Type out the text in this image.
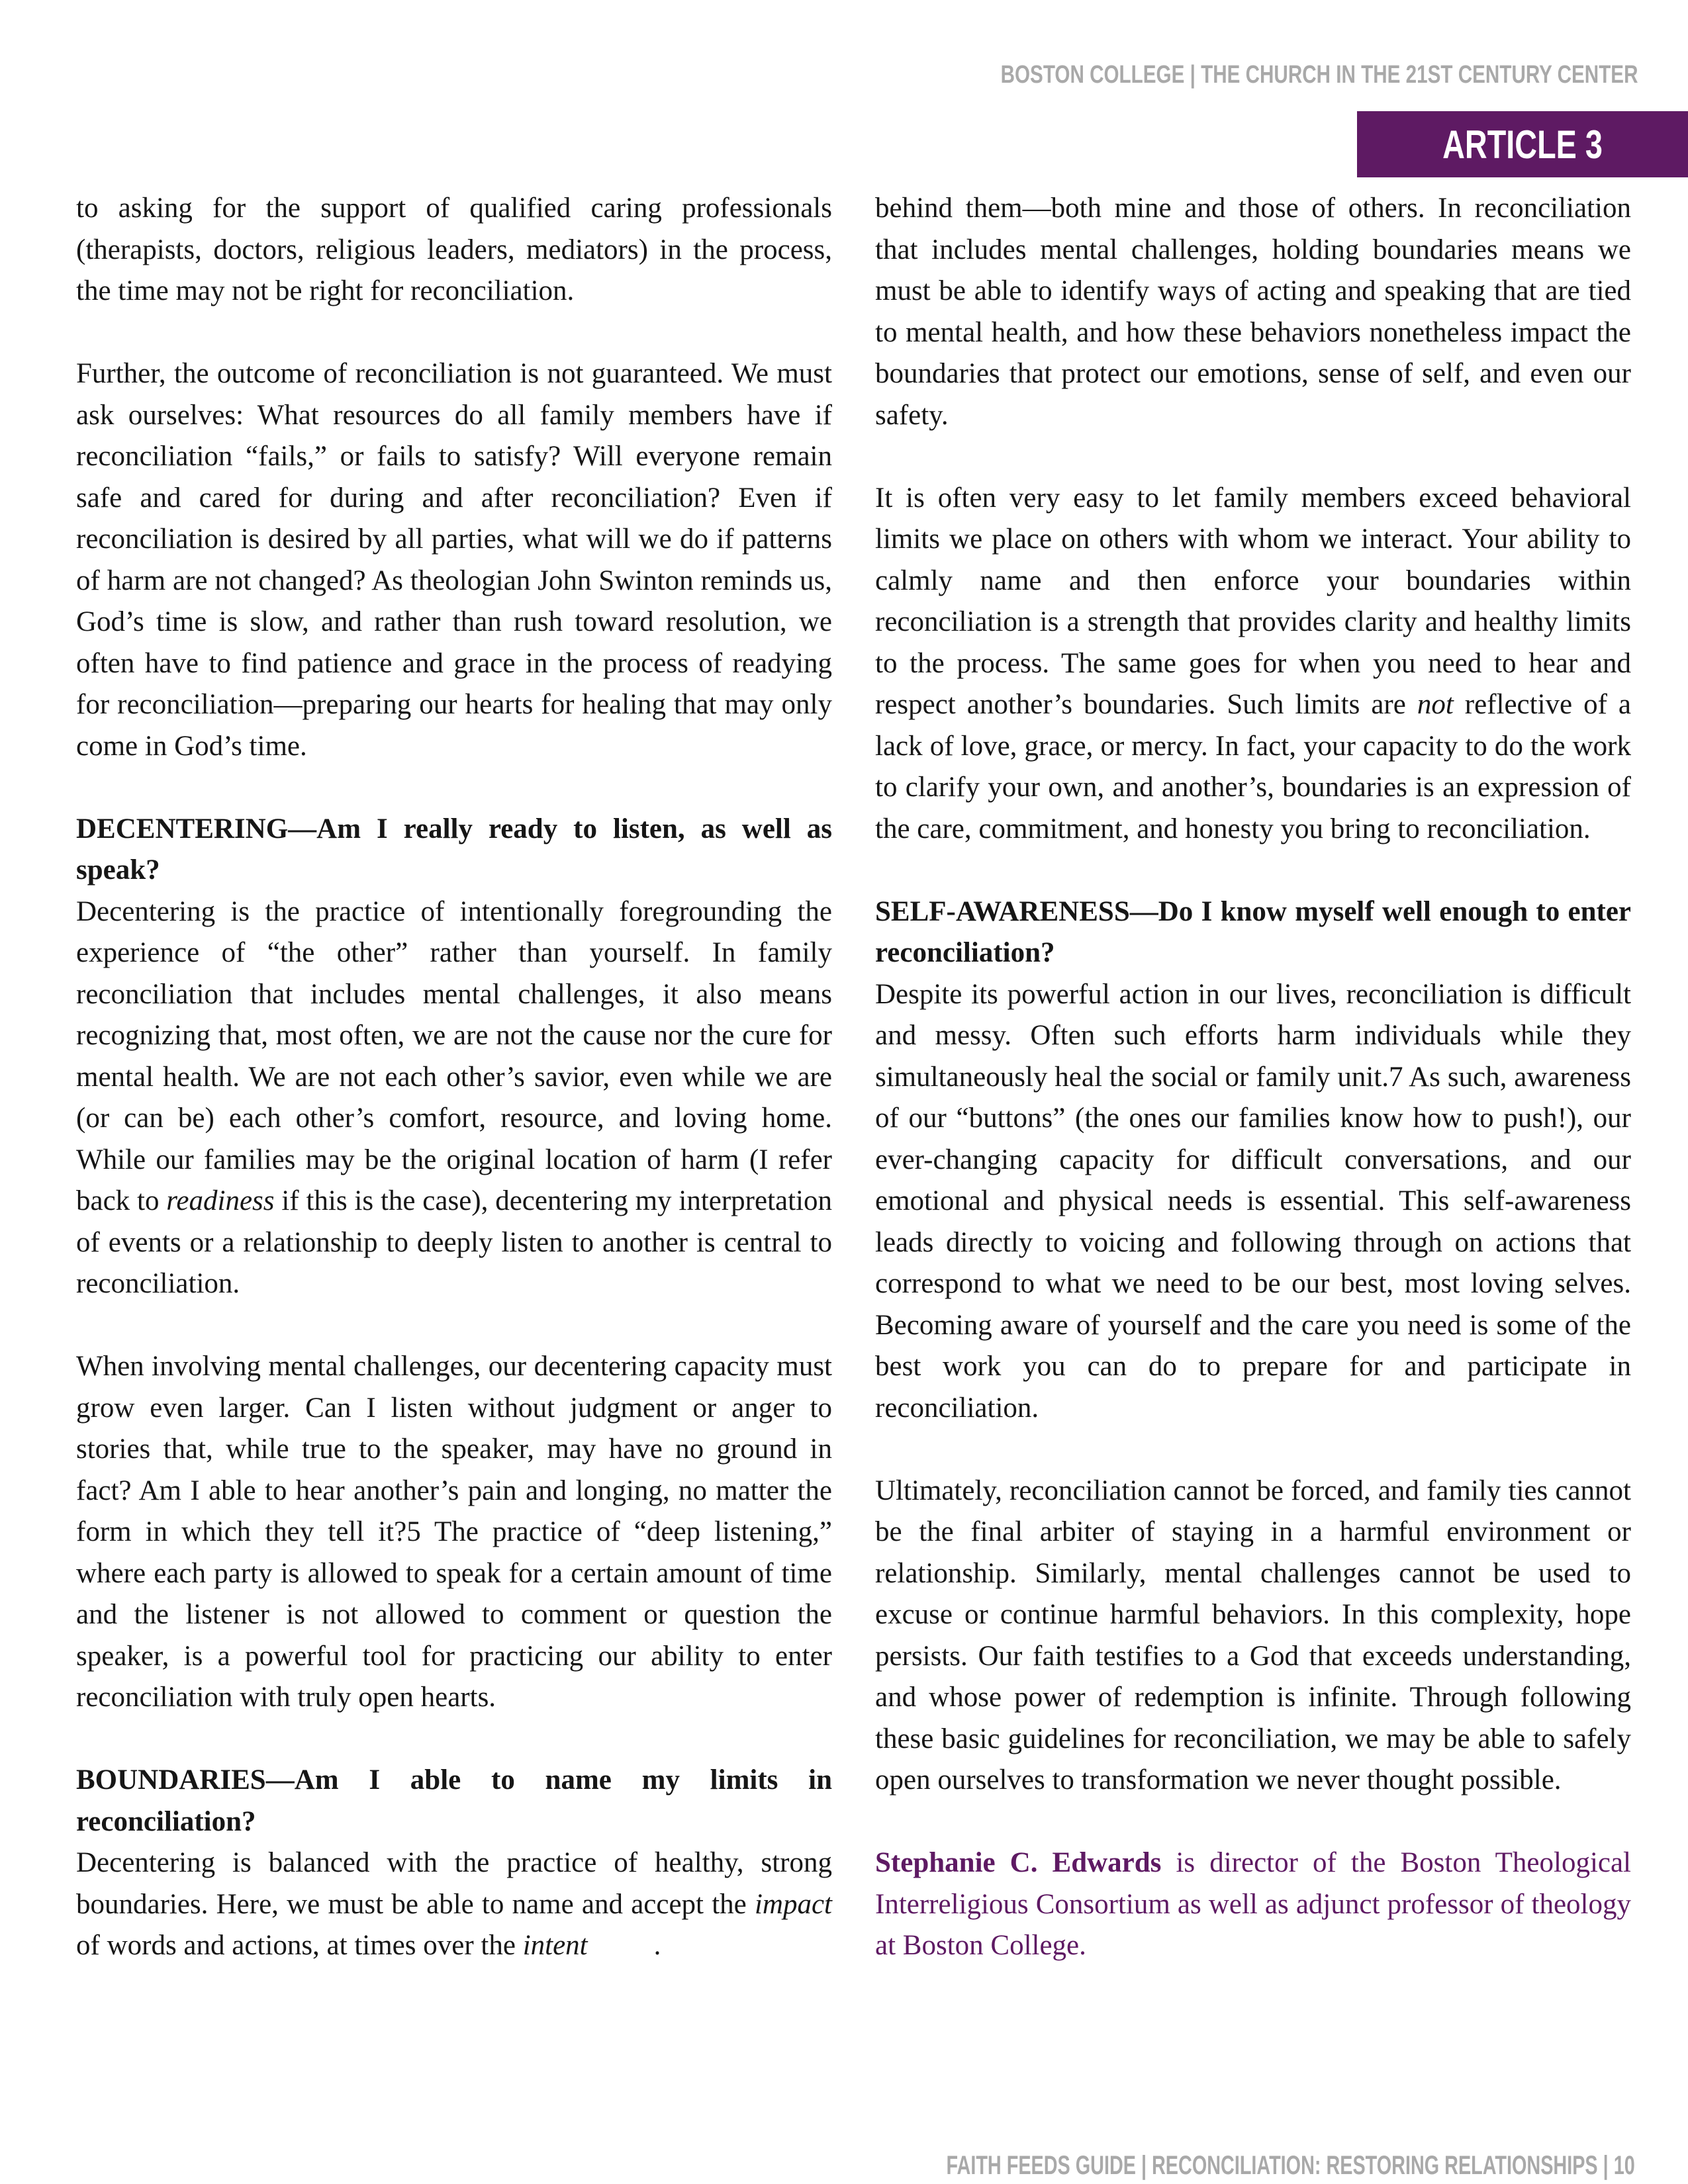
BOSTON COLLEGE | THE CHURCH IN THE 21ST CENTURY CENTER
ARTICLE 3

to asking for the support of qualified caring professionals (therapists, doctors, religious leaders, mediators) in the process, the time may not be right for reconciliation.

Further, the outcome of reconciliation is not guaranteed. We must ask ourselves: What resources do all family members have if reconciliation “fails,” or fails to satisfy? Will everyone remain safe and cared for during and after reconciliation? Even if reconciliation is desired by all parties, what will we do if patterns of harm are not changed? As theologian John Swinton reminds us, God’s time is slow, and rather than rush toward resolution, we often have to find patience and grace in the process of readying for reconciliation—preparing our hearts for healing that may only come in God’s time.

DECENTERING—Am I really ready to listen, as well as speak?

Decentering is the practice of intentionally foregrounding the experience of “the other” rather than yourself. In family reconciliation that includes mental challenges, it also means recognizing that, most often, we are not the cause nor the cure for mental health. We are not each other’s savior, even while we are (or can be) each other’s comfort, resource, and loving home. While our families may be the original location of harm (I refer back to readiness if this is the case), decentering my interpretation of events or a relationship to deeply listen to another is central to reconciliation.

When involving mental challenges, our decentering capacity must grow even larger. Can I listen without judgment or anger to stories that, while true to the speaker, may have no ground in fact? Am I able to hear another’s pain and longing, no matter the form in which they tell it?5 The practice of “deep listening,” where each party is allowed to speak for a certain amount of time and the listener is not allowed to comment or question the speaker, is a powerful tool for practicing our ability to enter reconciliation with truly open hearts.

BOUNDARIES—Am I able to name my limits in reconciliation?

Decentering is balanced with the practice of healthy, strong boundaries. Here, we must be able to name and accept the impact of words and actions, at times over the intent .

behind them—both mine and those of others. In reconciliation that includes mental challenges, holding boundaries means we must be able to identify ways of acting and speaking that are tied to mental health, and how these behaviors nonetheless impact the boundaries that protect our emotions, sense of self, and even our safety.

It is often very easy to let family members exceed behavioral limits we place on others with whom we interact. Your ability to calmly name and then enforce your boundaries within reconciliation is a strength that provides clarity and healthy limits to the process. The same goes for when you need to hear and respect another’s boundaries. Such limits are not reflective of a lack of love, grace, or mercy. In fact, your capacity to do the work to clarify your own, and another’s, boundaries is an expression of the care, commitment, and honesty you bring to reconciliation.

SELF-AWARENESS—Do I know myself well enough to enter reconciliation?

Despite its powerful action in our lives, reconciliation is difficult and messy. Often such efforts harm individuals while they simultaneously heal the social or family unit.7 As such, awareness of our “buttons” (the ones our families know how to push!), our ever-changing capacity for difficult conversations, and our emotional and physical needs is essential. This self-awareness leads directly to voicing and following through on actions that correspond to what we need to be our best, most loving selves. Becoming aware of yourself and the care you need is some of the best work you can do to prepare for and participate in reconciliation.

Ultimately, reconciliation cannot be forced, and family ties cannot be the final arbiter of staying in a harmful environment or relationship. Similarly, mental challenges cannot be used to excuse or continue harmful behaviors. In this complexity, hope persists. Our faith testifies to a God that exceeds understanding, and whose power of redemption is infinite. Through following these basic guidelines for reconciliation, we may be able to safely open ourselves to transformation we never thought possible.

Stephanie C. Edwards is director of the Boston Theological Interreligious Consortium as well as adjunct professor of theology at Boston College.

FAITH FEEDS GUIDE | RECONCILIATION: RESTORING RELATIONSHIPS | 10
